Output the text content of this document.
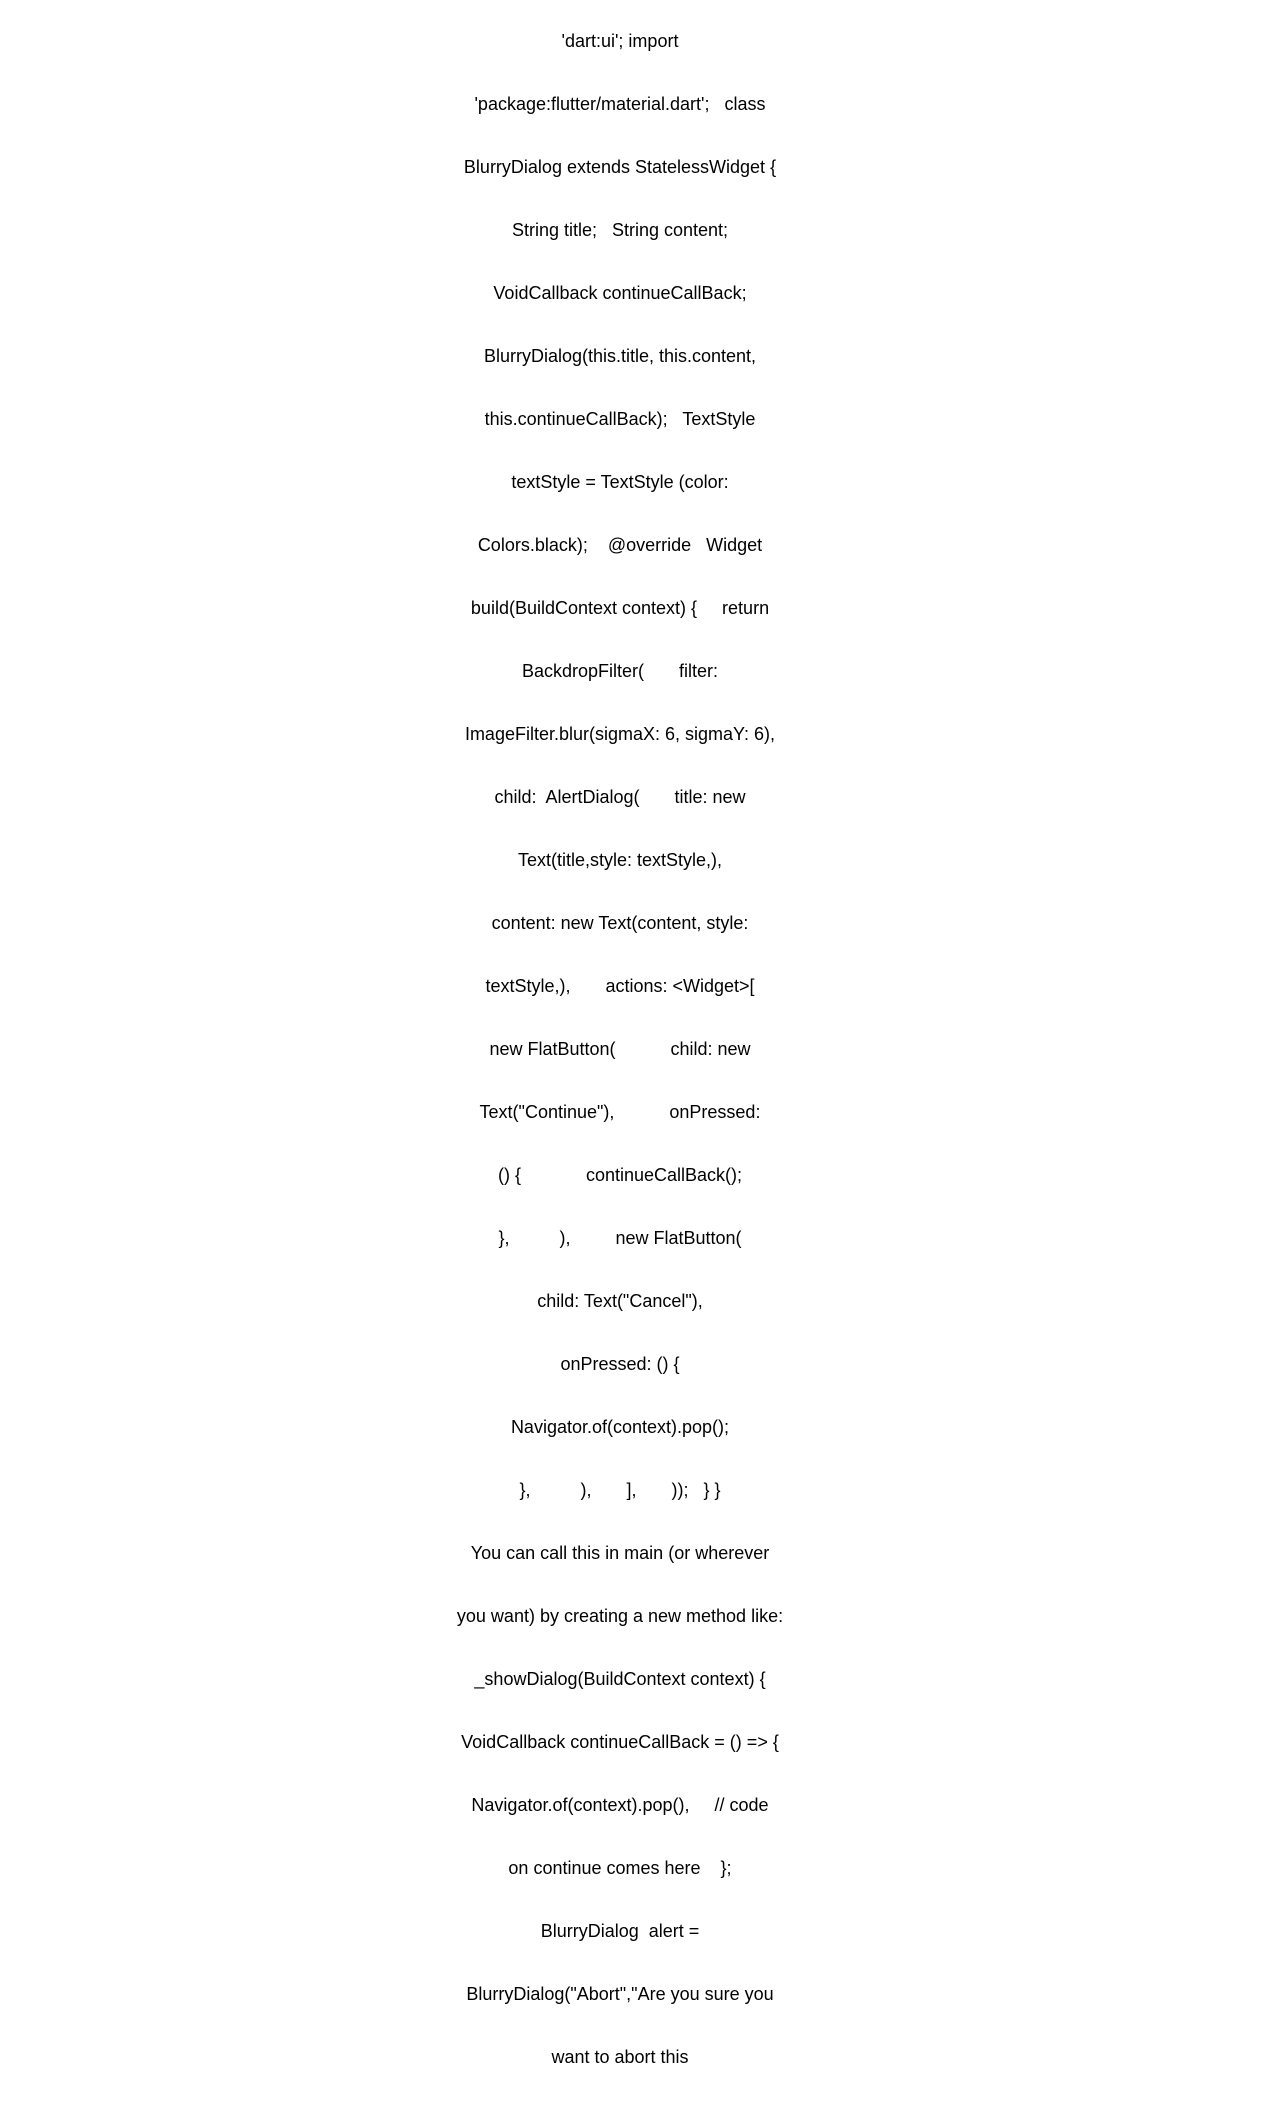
'dart:ui'; import

'package:flutter/material.dart';   class

BlurryDialog extends StatelessWidget {

String title;   String content;

VoidCallback continueCallBack;

BlurryDialog(this.title, this.content,

this.continueCallBack);   TextStyle

textStyle = TextStyle (color:

Colors.black);    @override   Widget

build(BuildContext context) {     return

BackdropFilter(       filter:

ImageFilter.blur(sigmaX: 6, sigmaY: 6),

child:  AlertDialog(       title: new

Text(title,style: textStyle,),

content: new Text(content, style:

textStyle,),       actions: <Widget>[

new FlatButton(           child: new

Text("Continue"),           onPressed:

() {             continueCallBack();

},          ),         new FlatButton(

child: Text("Cancel"),

onPressed: () {

Navigator.of(context).pop();

},          ),       ],       ));   } }

You can call this in main (or wherever

you want) by creating a new method like:

_showDialog(BuildContext context) {

VoidCallback continueCallBack = () => {

Navigator.of(context).pop(),     // code

on continue comes here    };

BlurryDialog  alert =

BlurryDialog("Abort","Are you sure you

want to abort this
